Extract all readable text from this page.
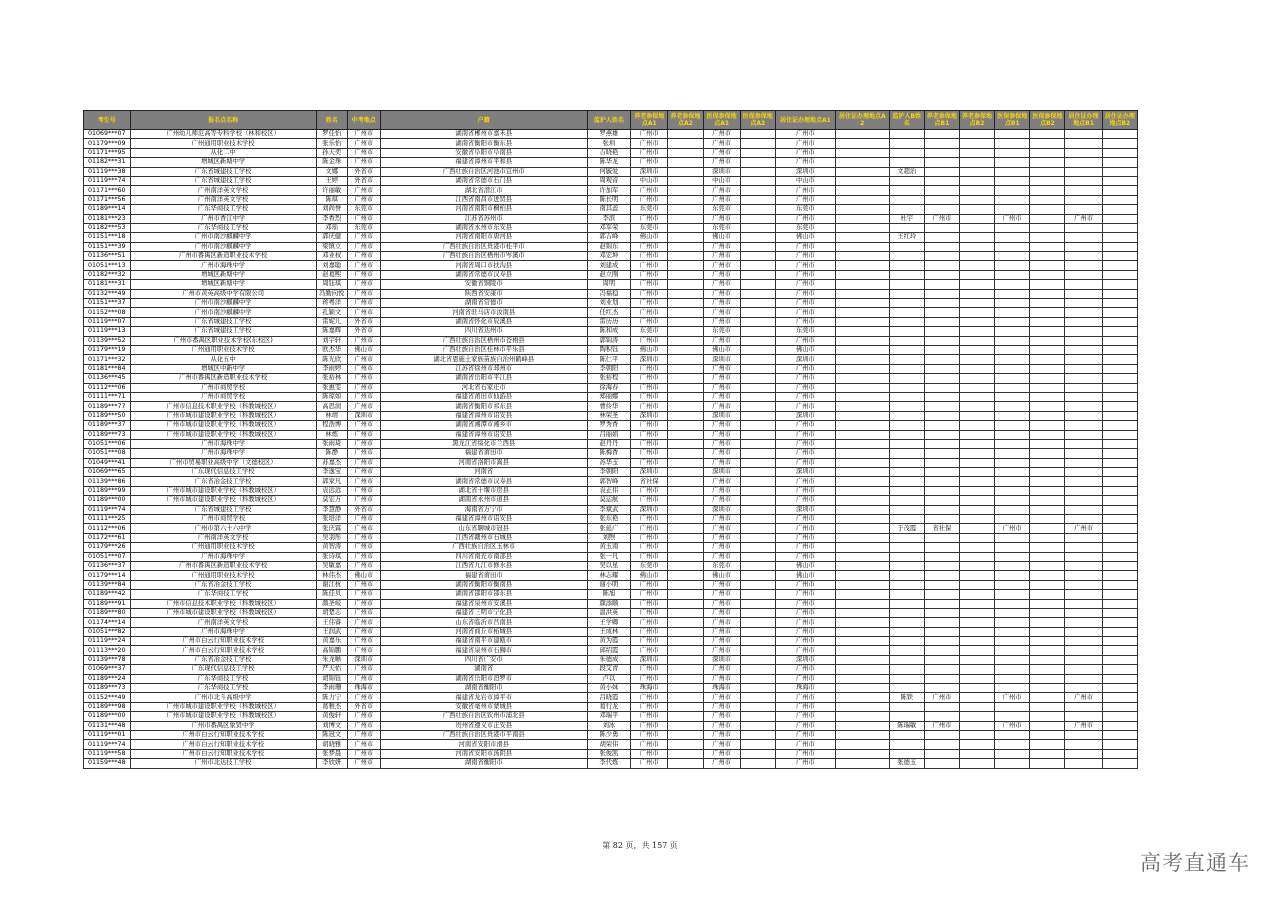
考生号	报名点名称	姓名	中考地点	户籍	监护人姓名	养老参保地点A1	养老参保地点A2	医保参保地点A1	医保参保地点A2	居住证办理地点A1	居住证办理地点A2	监护人B姓名	养老参保地点B1	养老参保地点B2	医保参保地点B1	医保参保地点B2	居住证办理地点B1	居住证办理地点B2
01069***07	广州幼儿师范高等专科学校（林和校区）	罗佳怡	广州市	湖南省郴州市嘉禾县	罗燕雄	广州市		广州市		广州市								
01179***09	广州通用职业技术学校	张乐怡	广州市	湖南省衡阳市衡东县	张圳	广州市		广州市		广州市								
01171***95	从化二中	孙天奕	广州市	安徽省阜阳市阜南县	吉晓艳	广州市		广州市		广州市								
01182***31	增城区新塘中学	陈金珠	广州市	福建省漳州市平和县	陈华龙	广州市		广州市		广州市								
01119***38	广东省城建技工学校	文娜	外省市	广西壮族自治区河池市宜州市	何毓爱	深圳市		深圳市		深圳市		文超治						
01119***74	广东省城建技工学校	王婷	外省市	湖南省常德市石门县	周观音	中山市		中山市		中山市								
01171***60	广州南洋英文学校	许丽敏	广州市	湖北省潜江市	许加军	广州市		广州市		广州市								
01171***56	广州南洋英文学校	陈琪	广州市	江西省南昌市进贤县	陈长明	广州市		广州市		广州市								
01189***14	广东华商技工学校	刘尚誉	东莞市	河南省南阳市桐柏县	南其蕊	东莞市		东莞市		东莞市								
01181***23	广州市香江中学	李香烈	广州市	江苏省苏州市	李滨	广州市		广州市		广州市		杜宇	广州市		广州市		广州市	
01182***53	广东华商技工学校	邓瑶	东莞市	湖南省永州市东安县	邓军荣	东莞市		东莞市		东莞市								
01151***18	广州市南沙麒麟中学	郭庆健	广州市	河南省南阳市唐河县	郭吉峰	佛山市		佛山市		佛山市		王红玲						
01151***39	广州市南沙麒麟中学	梁镇立	广州市	广西壮族自治区贵港市桂平市	赵锦东	广州市		广州市		广州市								
01136***51	广州市番禺区新造职业技术学校	邓业权	广州市	广西壮族自治区梧州市岑溪市	邓宏坤	广州市		广州市		广州市								
01051***13	广州市海珠中学	刘嘉聪	广州市	河南省周口市扶沟县	刘建成	广州市		广州市		广州市								
01182***32	增城区新塘中学	赵葛熙	广州市	湖南省常德市汉寿县	赵立刚	广州市		广州市		广州市								
01181***31	增城区新塘中学	周钰琪	广州市	安徽省铜陵市	周明	广州市		广州市		广州市								
01132***49	广州市黄英高级中学有限公司	冯勤向悦	广州市	陕西省安康市	冯福稳	广州市		广州市		广州市								
01151***37	广州市南沙麒麟中学	蒋粤洋	广州市	湖南省常德市	刘业划	广州市		广州市		广州市								
01152***08	广州市南沙麒麟中学	孔颖文	广州市	河南省驻马店市汝南县	任红杰	广州市		广州市		广州市								
01119***07	广东省城建技工学校	雷妮儿	外省市	湖南省怀化市辰溪县	雷历历	广州市		广州市		广州市								
01119***13	广东省城建技工学校	陈嘉辉	外省市	四川省达州市	陈和成	东莞市		东莞市		东莞市								
01139***52	广州市番禺区职业技术学校(东校区)	刘宇轩	广州市	广西壮族自治区梧州市苍梧县	郭锦涛	广州市		广州市		广州市								
01179***19	广州通用职业技术学校	欧杰华	佛山市	广西壮族自治区桂林市平乐县	陶积钰	佛山市		佛山市		佛山市								
01171***32	从化五中	陈光欣	广州市	湖北省恩施土家族苗族自治州鹤峰县	陈仁平	深圳市		深圳市		深圳市								
01181***84	增城区中新中学	李雨婷	广州市	江苏省徐州市邳州市	李朝阳	广州市		广州市		广州市								
01136***45	广州市番禺区新造职业技术学校	张裕林	广州市	湖南省岳阳市平江县	张裕程	广州市		广州市		广州市								
01112***06	广州市商贸学校	张惠雯	广州市	河北省石家庄市	徐海春	广州市		广州市		广州市								
01111***71	广州市商贸学校	陈琼如	广州市	福建省莆田市仙游县	郑丽娜	广州市		广州市		广州市								
01189***77	广州市信息技术职业学校（科教城校区）	高思润	广州市	湖南省衡阳市祁东县	曹伶华	广州市		广州市		广州市								
01189***50	广州市城市建设职业学校（科教城校区）	林靖	深圳市	福建省漳州市诏安县	林荣圣	深圳市		深圳市		深圳市								
01189***37	广州市城市建设职业学校（科教城校区）	程浩博	广州市	湖南省湘潭市湘乡市	罗秀香	广州市		广州市		广州市								
01189***73	广州市城市建设职业学校（科教城校区）	林炼	广州市	福建省漳州市诏安县	吕丽娟	广州市		广州市		广州市								
01051***06	广州市海珠中学	张雨琦	广州市	黑龙江省绥化市兰西县	赵丹丹	广州市		广州市		广州市								
01051***08	广州市海珠中学	陈静	广州市	福建省莆田市	陈梅香	广州市		广州市		广州市								
01049***41	广州市贸易职业高级中学（文德校区）	苏嘉杰	广州市	河南省洛阳市嵩县	苏华玉	广州市		广州市		广州市								
01069***65	广东现代信息技工学校	李逸宝	广州市	河南省	李朝阳	深圳市		深圳市		深圳市								
01139***86	广东省冶金技工学校	郭家凡	广州市	湖南省常德市汉寿县	郭智峰	省社保		广州市		广州市								
01189***99	广州市城市建设职业学校（科教城校区）	袁远远	广州市	湖北省十堰市房县	袁正伟	广州市		广州市		广州市								
01189***00	广州市城市建设职业学校（科教城校区）	莫宏万	广州市	湖南省永州市道县	莫运航	广州市		广州市		广州市								
01119***74	广东省城建技工学校	李慧静	外省市	海南省万宁市	李斌武	深圳市		深圳市		深圳市								
01111***25	广州市商贸学校	张培洋	广州市	福建省漳州市诏安县	张东艳	广州市		广州市		广州市								
01112***06	广州市第六十六中学	张庆霖	广州市	山东省聊城市冠县	张延广	广州市		广州市		广州市		于茂霞	省社保		广州市		广州市	
01172***61	广州南洋英文学校	吴羽彤	广州市	江西省赣州市石城县	刘煦	广州市		广州市		广州市								
01179***26	广州通用职业技术学校	黄智涛	广州市	广西壮族自治区玉林市	黄玉南	广州市		广州市		广州市								
01051***07	广州市海珠中学	张诗琪	广州市	四川省南充市南部县	张一凡	广州市		广州市		广州市								
01136***37	广州市番禺区新造职业技术学校	吴敏嘉	广州市	江西省九江市修水县	吴以星	东莞市		东莞市		佛山市								
01179***14	广州通用职业技术学校	林伟杰	佛山市	福建省莆田市	林志耀	佛山市		佛山市		佛山市								
01139***84	广东省冶金技工学校	谢江杭	广州市	湖南省衡阳市衡南县	谢小明	广州市		广州市		广州市								
01189***42	广东华商技工学校	陈佳贝	广州市	湖南省邵阳市邵东县	陈旭	广州市		广州市		广州市								
01189***91	广州市信息技术职业学校（科教城校区）	颜圣岐	广州市	福建省泉州市安溪县	颜添顺	广州市		广州市		广州市								
01189***80	广州市城市建设职业学校（科教城校区）	胡楚志	广州市	福建省三明市宁化县	温洪英	广州市		广州市		广州市								
01174***14	广州南洋英文学校	王伟睿	广州市	山东省临沂市莒南县	王学卿	广州市		广州市		广州市								
01051***82	广州市海珠中学	王润武	广州市	河南省商丘市柘城县	王成林	广州市		广州市		广州市								
01119***24	广州市白云行知职业技术学校	黄嘉乐	广州市	福建省南平市建瓯市	黄为霞	广州市		广州市		广州市								
01113***20	广州市白云行知职业技术学校	高锦鹏	广州市	福建省泉州市石狮市	邱绍霞	广州市		广州市		广州市								
01139***78	广东省冶金技工学校	朱龙晰	深圳市	四川省广安市	朱德成	深圳市		深圳市		深圳市								
01069***37	广东现代信息技工学校	严天佑	广州市	湖南省	段艾青	广州市		广州市		广州市								
01189***24	广东华商技工学校	胡锦钰	广州市	湖南省岳阳市汨罗市	卢以	广州市		广州市		广州市								
01189***73	广东华商技工学校	李雨珊	珠海市	湖南省衡阳市	黄小妹	珠海市		珠海市		珠海市								
01152***49	广州市北斗高级中学	陈力宁	广州市	福建省龙岩市漳平市	吕晓霞	广州市		广州市		广州市		陈铁	广州市		广州市		广州市	
01189***98	广州市城市建设职业学校（科教城校区）	葛雅杰	外省市	安徽省亳州市蒙城县	葛行龙	广州市		广州市		广州市								
01189***00	广州市城市建设职业学校（科教城校区）	黄俊轩	广州市	广西壮族自治区钦州市浦北县	邓瑞平	广州市		广州市		广州市								
01131***48	广州市番禺区象贤中学	刘博文	广州市	贵州省遵义市正安县	刘冰	广州市		广州市		广州市		陈瑞敏	广州市		广州市		广州市	
01119***01	广州市白云行知职业技术学校	陈冠文	广州市	广西壮族自治区贵港市平南县	陈少勇	广州市		广州市		广州市								
01119***74	广州市白云行知职业技术学校	胡晓雅	广州市	河南省安阳市滑县	胡荣伟	广州市		广州市		广州市								
01119***58	广州市白云行知职业技术学校	张梦晨	广州市	河南省安阳市汤阴县	张俊凯	广州市		广州市		广州市								
01159***48	广州市北达技工学校	李欣妍	广州市	湖南省衡阳市	李代炼	广州市		广州市		广州市		张德玉						
第 82 页，共 157 页
高考直通车
